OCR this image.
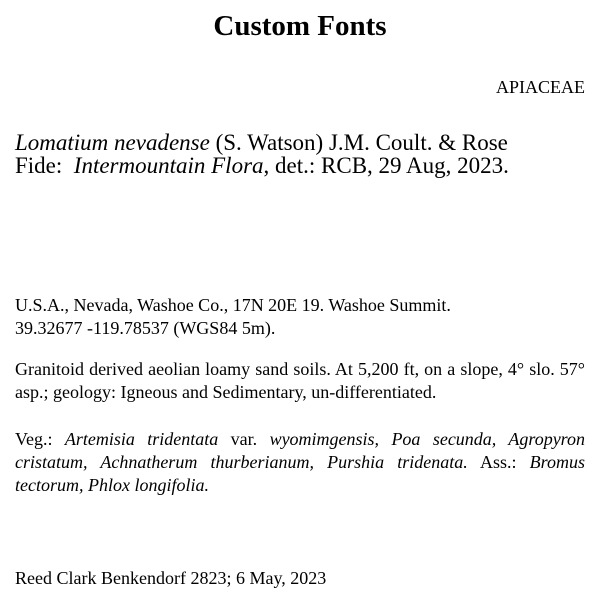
Custom Fonts
APIACEAE
Lomatium nevadense (S. Watson) J.M. Coult. & Rose
Fide: Intermountain Flora, det.: RCB, 29 Aug, 2023.
U.S.A., Nevada, Washoe Co., 17N 20E 19. Washoe Summit.
39.32677 -119.78537 (WGS84 5m).
Granitoid derived aeolian loamy sand soils. At 5,200 ft, on a slope, 4° slo. 57° asp.; geology: Igneous and Sedimentary, un-differentiated.
Veg.: Artemisia tridentata var. wyomimgensis, Poa secunda, Agropyron cristatum, Achnatherum thurberianum, Purshia tridenata. Ass.: Bromus tectorum, Phlox longifolia.
Reed Clark Benkendorf 2823; 6 May, 2023
